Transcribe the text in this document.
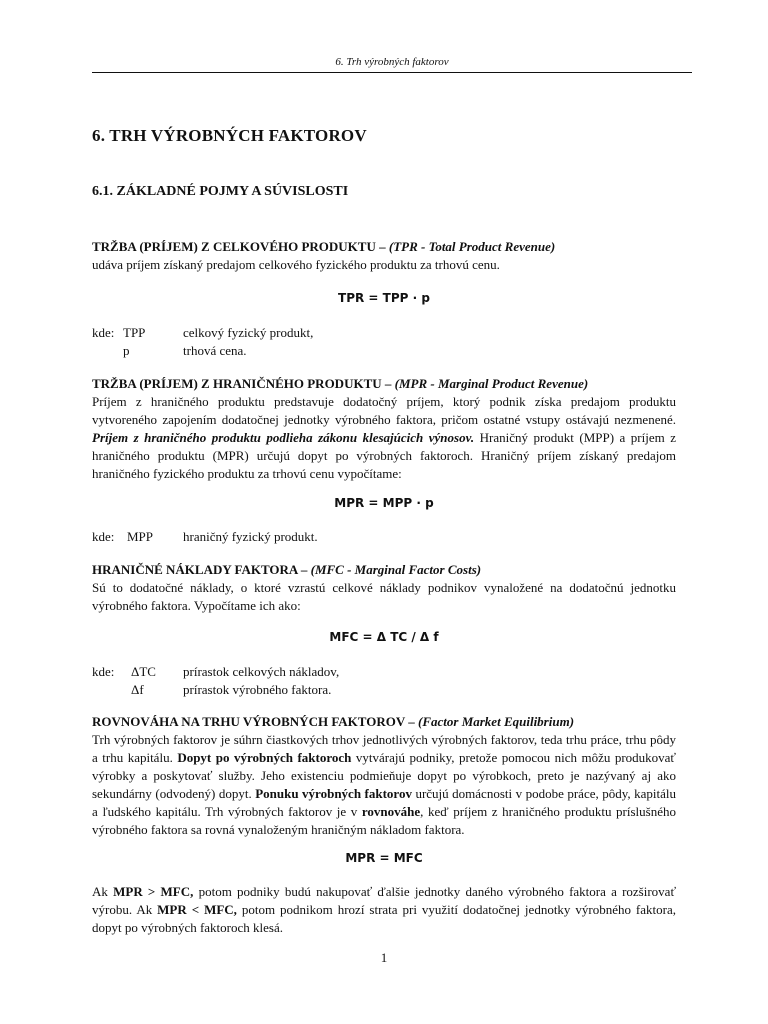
6. Trh výrobných faktorov
6. TRH VÝROBNÝCH FAKTOROV
6.1. ZÁKLADNÉ POJMY A SÚVISLOSTI

TRŽBA (PRÍJEM) Z CELKOVÉHO PRODUKTU – (TPR - Total Product Revenue)

udáva príjem získaný predajom celkového fyzického produktu za trhovú cenu.

TPR = TPP · p
kde: TPP	celkový fyzický produkt,
p	trhová cena.

TRŽBA (PRÍJEM) Z HRANIČNÉHO PRODUKTU – (MPR - Marginal Product Revenue)

Príjem z hraničného produktu predstavuje dodatočný príjem, ktorý podnik získa predajom produktu vytvoreného zapojením dodatočnej jednotky výrobného faktora, pričom ostatné vstupy ostávajú nezmenené. Príjem z hraničného produktu podlieha zákonu klesajúcich výnosov. Hraničný produkt (MPP) a príjem z hraničného produktu (MPR) určujú dopyt po výrobných faktoroch. Hraničný príjem získaný predajom hraničného fyzického produktu za trhovú cenu vypočítame:

MPR = MPP · p
kde: MPP hraničný fyzický produkt.

HRANIČNÉ NÁKLADY FAKTORA – (MFC - Marginal Factor Costs)

Sú to dodatočné náklady, o ktoré vzrastú celkové náklady podnikov vynaložené na dodatočnú jednotku výrobného faktora. Vypočítame ich ako:

MFC = Δ TC / Δ f
kde: ΔTC prírastok celkových nákladov,
Δf	prírastok výrobného faktora.

ROVNOVÁHA NA TRHU VÝROBNÝCH FAKTOROV – (Factor Market Equilibrium)

Trh výrobných faktorov je súhrn čiastkových trhov jednotlivých výrobných faktorov, teda trhu práce, trhu pôdy a trhu kapitálu. Dopyt po výrobných faktoroch vytvárajú podniky, pretože pomocou nich môžu produkovať výrobky a poskytovať služby. Jeho existenciu podmieňuje dopyt po výrobkoch, preto je nazývaný aj ako sekundárny (odvodený) dopyt. Ponuku výrobných faktorov určujú domácnosti v podobe práce, pôdy, kapitálu a ľudského kapitálu. Trh výrobných faktorov je v rovnováhe, keď príjem z hraničného produktu príslušného výrobného faktora sa rovná vynaloženým hraničným nákladom faktora.

MPR = MFC

Ak MPR > MFC, potom podniky budú nakupovať ďalšie jednotky daného výrobného faktora a rozširovať výrobu. Ak MPR < MFC, potom podnikom hrozí strata pri využití dodatočnej jednotky výrobného faktora, dopyt po výrobných faktoroch klesá.

1
